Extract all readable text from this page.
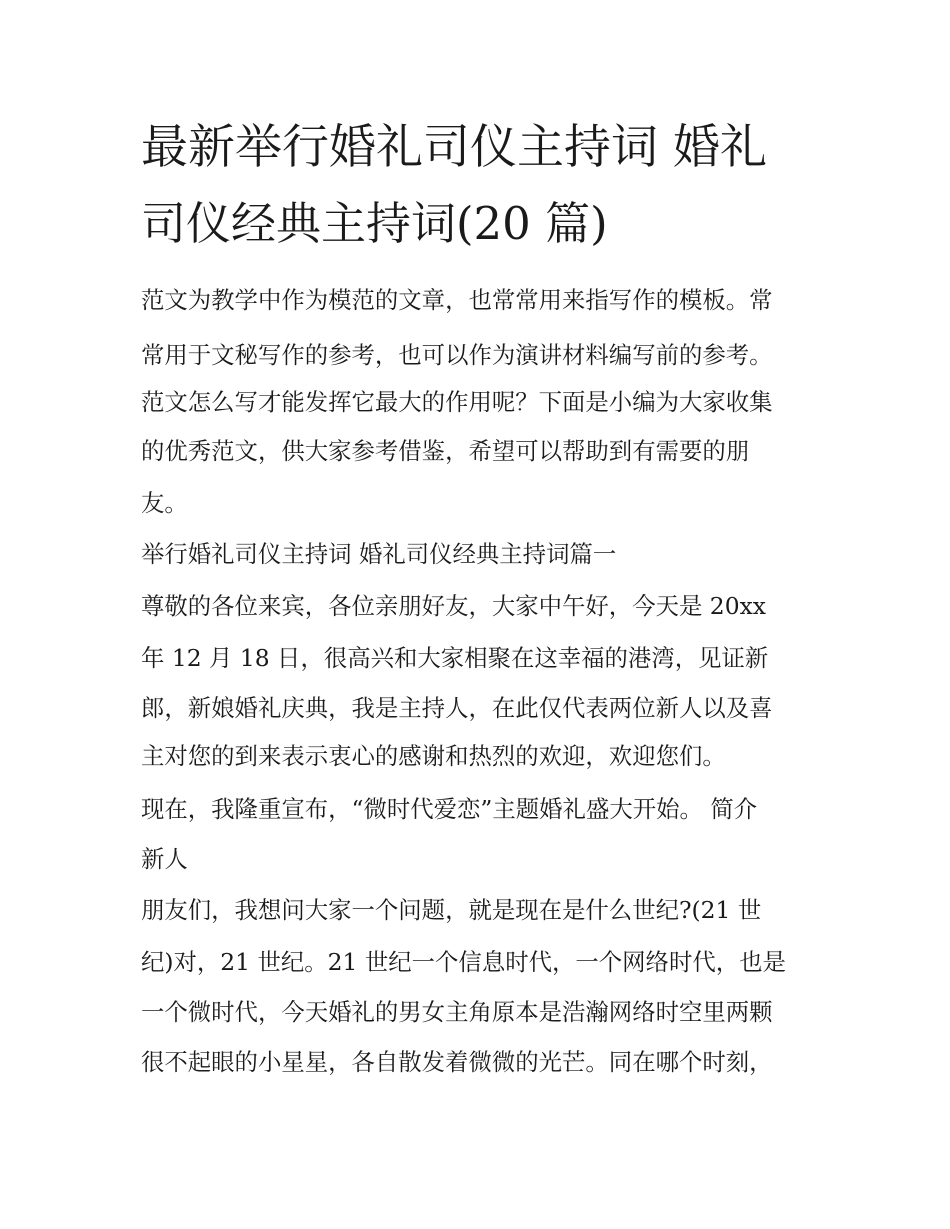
最新举行婚礼司仪主持词 婚礼
司仪经典主持词(20 篇)
范文为教学中作为模范的文章，也常常用来指写作的模板。常
常用于文秘写作的参考，也可以作为演讲材料编写前的参考。
范文怎么写才能发挥它最大的作用呢？下面是小编为大家收集
的优秀范文，供大家参考借鉴，希望可以帮助到有需要的朋
友。
举行婚礼司仪主持词 婚礼司仪经典主持词篇一
尊敬的各位来宾，各位亲朋好友，大家中午好，今天是 20xx
年 12 月 18 日，很高兴和大家相聚在这幸福的港湾，见证新
郎，新娘婚礼庆典，我是主持人，在此仅代表两位新人以及喜
主对您的到来表示衷心的感谢和热烈的欢迎，欢迎您们。
现在，我隆重宣布，“微时代爱恋”主题婚礼盛大开始。 简介
新人
朋友们，我想问大家一个问题，就是现在是什么世纪?(21 世
纪)对，21 世纪。21 世纪一个信息时代，一个网络时代，也是
一个微时代，今天婚礼的男女主角原本是浩瀚网络时空里两颗
很不起眼的小星星，各自散发着微微的光芒。同在哪个时刻，
